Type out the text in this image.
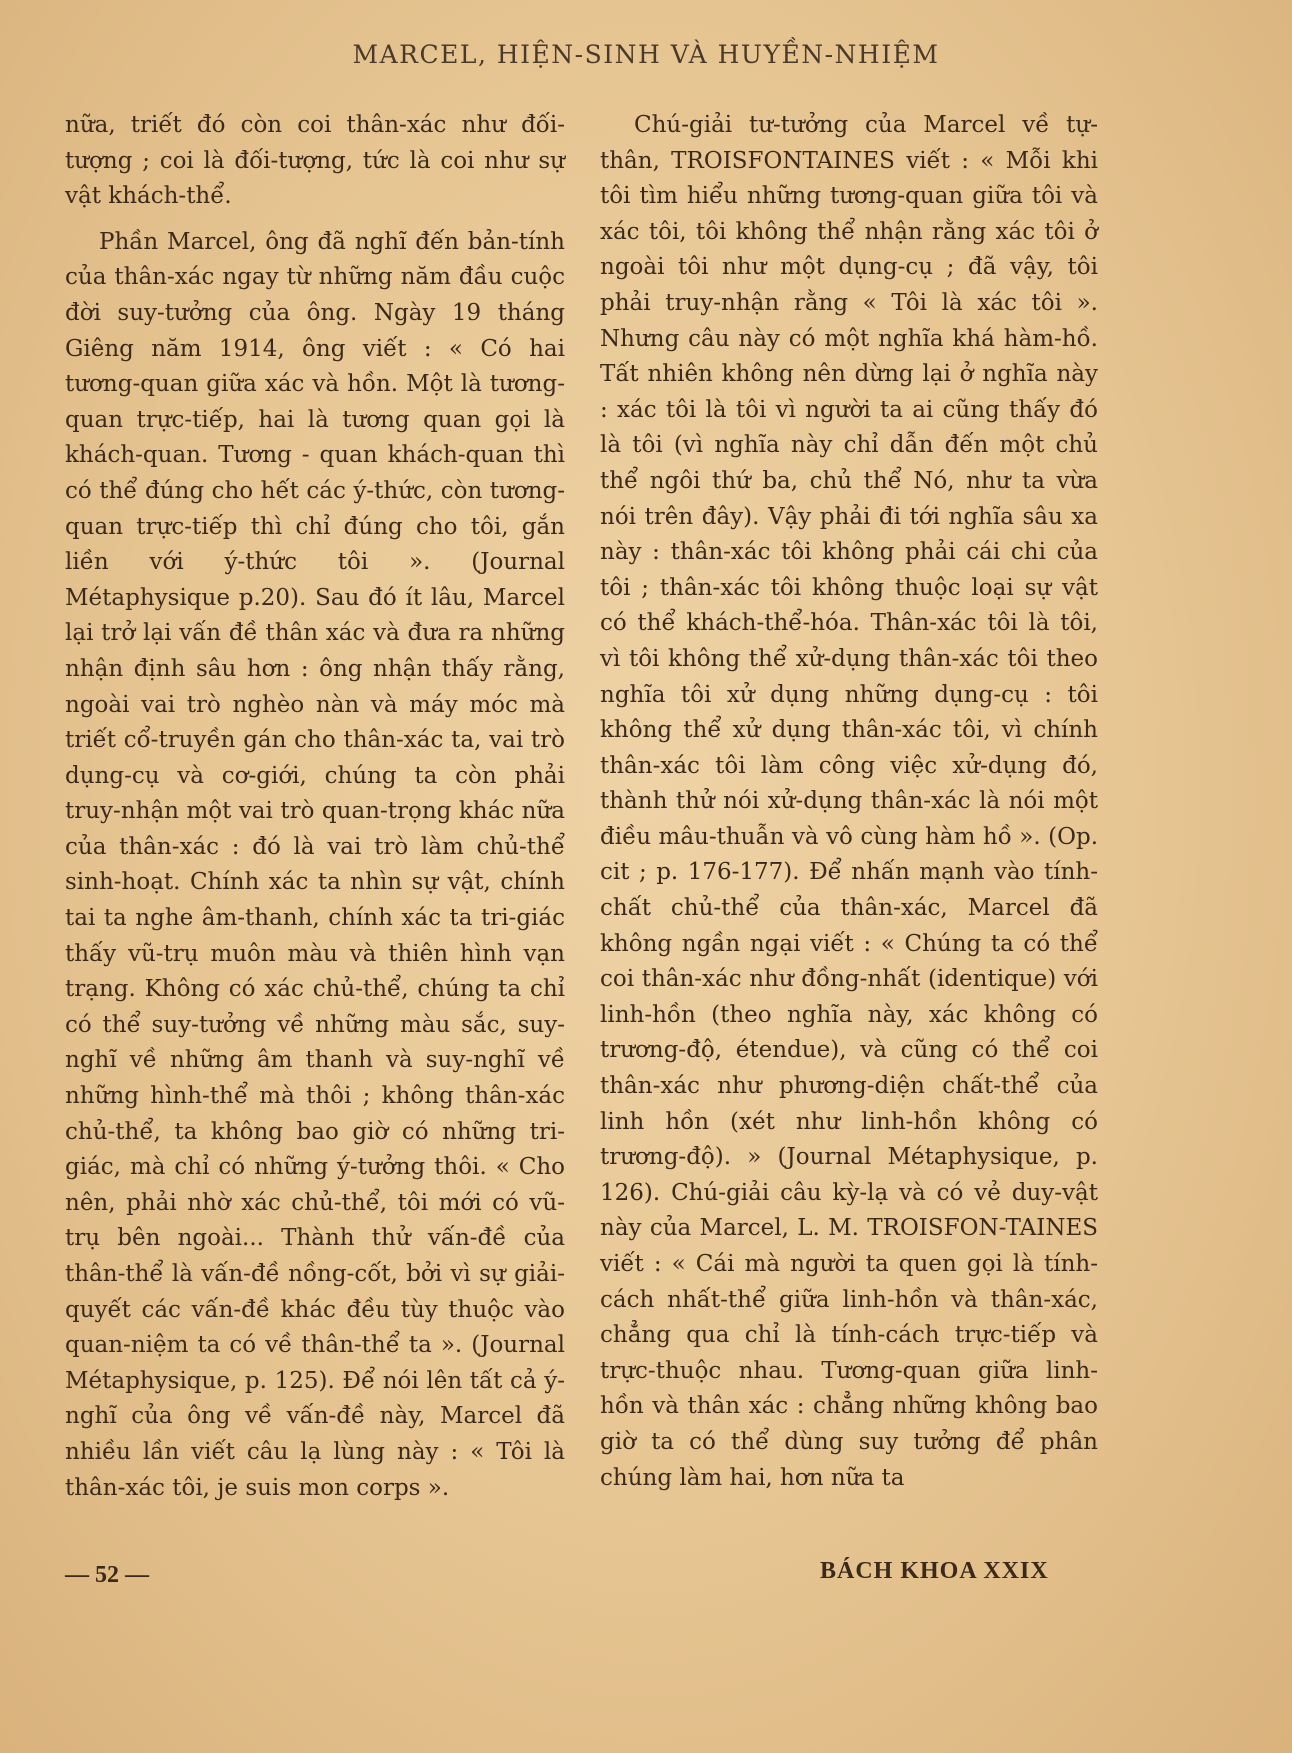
MARCEL, HIỆN-SINH VÀ HUYỀN-NHIỆM

nữa, triết đó còn coi thân-xác như đối-tượng ; coi là đối-tượng, tức là coi như sự vật khách-thể.

Phần Marcel, ông đã nghĩ đến bản-tính của thân-xác ngay từ những năm đầu cuộc đời suy-tưởng của ông. Ngày 19 tháng Giêng năm 1914, ông viết : « Có hai tương-quan giữa xác và hồn. Một là tương-quan trực-tiếp, hai là tương quan gọi là khách-quan. Tương - quan khách-quan thì có thể đúng cho hết các ý-thức, còn tương-quan trực-tiếp thì chỉ đúng cho tôi, gắn liền với ý-thức tôi ». (Journal Métaphysique p.20). Sau đó ít lâu, Marcel lại trở lại vấn đề thân xác và đưa ra những nhận định sâu hơn : ông nhận thấy rằng, ngoài vai trò nghèo nàn và máy móc mà triết cổ-truyền gán cho thân-xác ta, vai trò dụng-cụ và cơ-giới, chúng ta còn phải truy-nhận một vai trò quan-trọng khác nữa của thân-xác : đó là vai trò làm chủ-thể sinh-hoạt. Chính xác ta nhìn sự vật, chính tai ta nghe âm-thanh, chính xác ta tri-giác thấy vũ-trụ muôn màu và thiên hình vạn trạng. Không có xác chủ-thể, chúng ta chỉ có thể suy-tưởng về những màu sắc, suy-nghĩ về những âm thanh và suy-nghĩ về những hình-thể mà thôi ; không thân-xác chủ-thể, ta không bao giờ có những tri-giác, mà chỉ có những ý-tưởng thôi. « Cho nên, phải nhờ xác chủ-thể, tôi mới có vũ-trụ bên ngoài... Thành thử vấn-đề của thân-thể là vấn-đề nồng-cốt, bởi vì sự giải-quyết các vấn-đề khác đều tùy thuộc vào quan-niệm ta có về thân-thể ta ». (Journal Métaphysique, p. 125). Để nói lên tất cả ý-nghĩ của ông về vấn-đề này, Marcel đã nhiều lần viết câu lạ lùng này : « Tôi là thân-xác tôi, je suis mon corps ».

Chú-giải tư-tưởng của Marcel về tự-thân, TROISFONTAINES viết : « Mỗi khi tôi tìm hiểu những tương-quan giữa tôi và xác tôi, tôi không thể nhận rằng xác tôi ở ngoài tôi như một dụng-cụ ; đã vậy, tôi phải truy-nhận rằng « Tôi là xác tôi ». Nhưng câu này có một nghĩa khá hàm-hồ. Tất nhiên không nên dừng lại ở nghĩa này : xác tôi là tôi vì người ta ai cũng thấy đó là tôi (vì nghĩa này chỉ dẫn đến một chủ thể ngôi thứ ba, chủ thể Nó, như ta vừa nói trên đây). Vậy phải đi tới nghĩa sâu xa này : thân-xác tôi không phải cái chi của tôi ; thân-xác tôi không thuộc loại sự vật có thể khách-thể-hóa. Thân-xác tôi là tôi, vì tôi không thể xử-dụng thân-xác tôi theo nghĩa tôi xử dụng những dụng-cụ : tôi không thể xử dụng thân-xác tôi, vì chính thân-xác tôi làm công việc xử-dụng đó, thành thử nói xử-dụng thân-xác là nói một điều mâu-thuẫn và vô cùng hàm hồ ». (Op. cit ; p. 176-177). Để nhấn mạnh vào tính-chất chủ-thể của thân-xác, Marcel đã không ngần ngại viết : « Chúng ta có thể coi thân-xác như đồng-nhất (identique) với linh-hồn (theo nghĩa này, xác không có trương-độ, étendue), và cũng có thể coi thân-xác như phương-diện chất-thể của linh hồn (xét như linh-hồn không có trương-độ). » (Journal Métaphysique, p. 126). Chú-giải câu kỳ-lạ và có vẻ duy-vật này của Marcel, L. M. TROISFON-TAINES viết : « Cái mà người ta quen gọi là tính-cách nhất-thể giữa linh-hồn và thân-xác, chẳng qua chỉ là tính-cách trực-tiếp và trực-thuộc nhau. Tương-quan giữa linh-hồn và thân xác : chẳng những không bao giờ ta có thể dùng suy tưởng để phân chúng làm hai, hơn nữa ta

— 52 —	BÁCH KHOA XXIX
